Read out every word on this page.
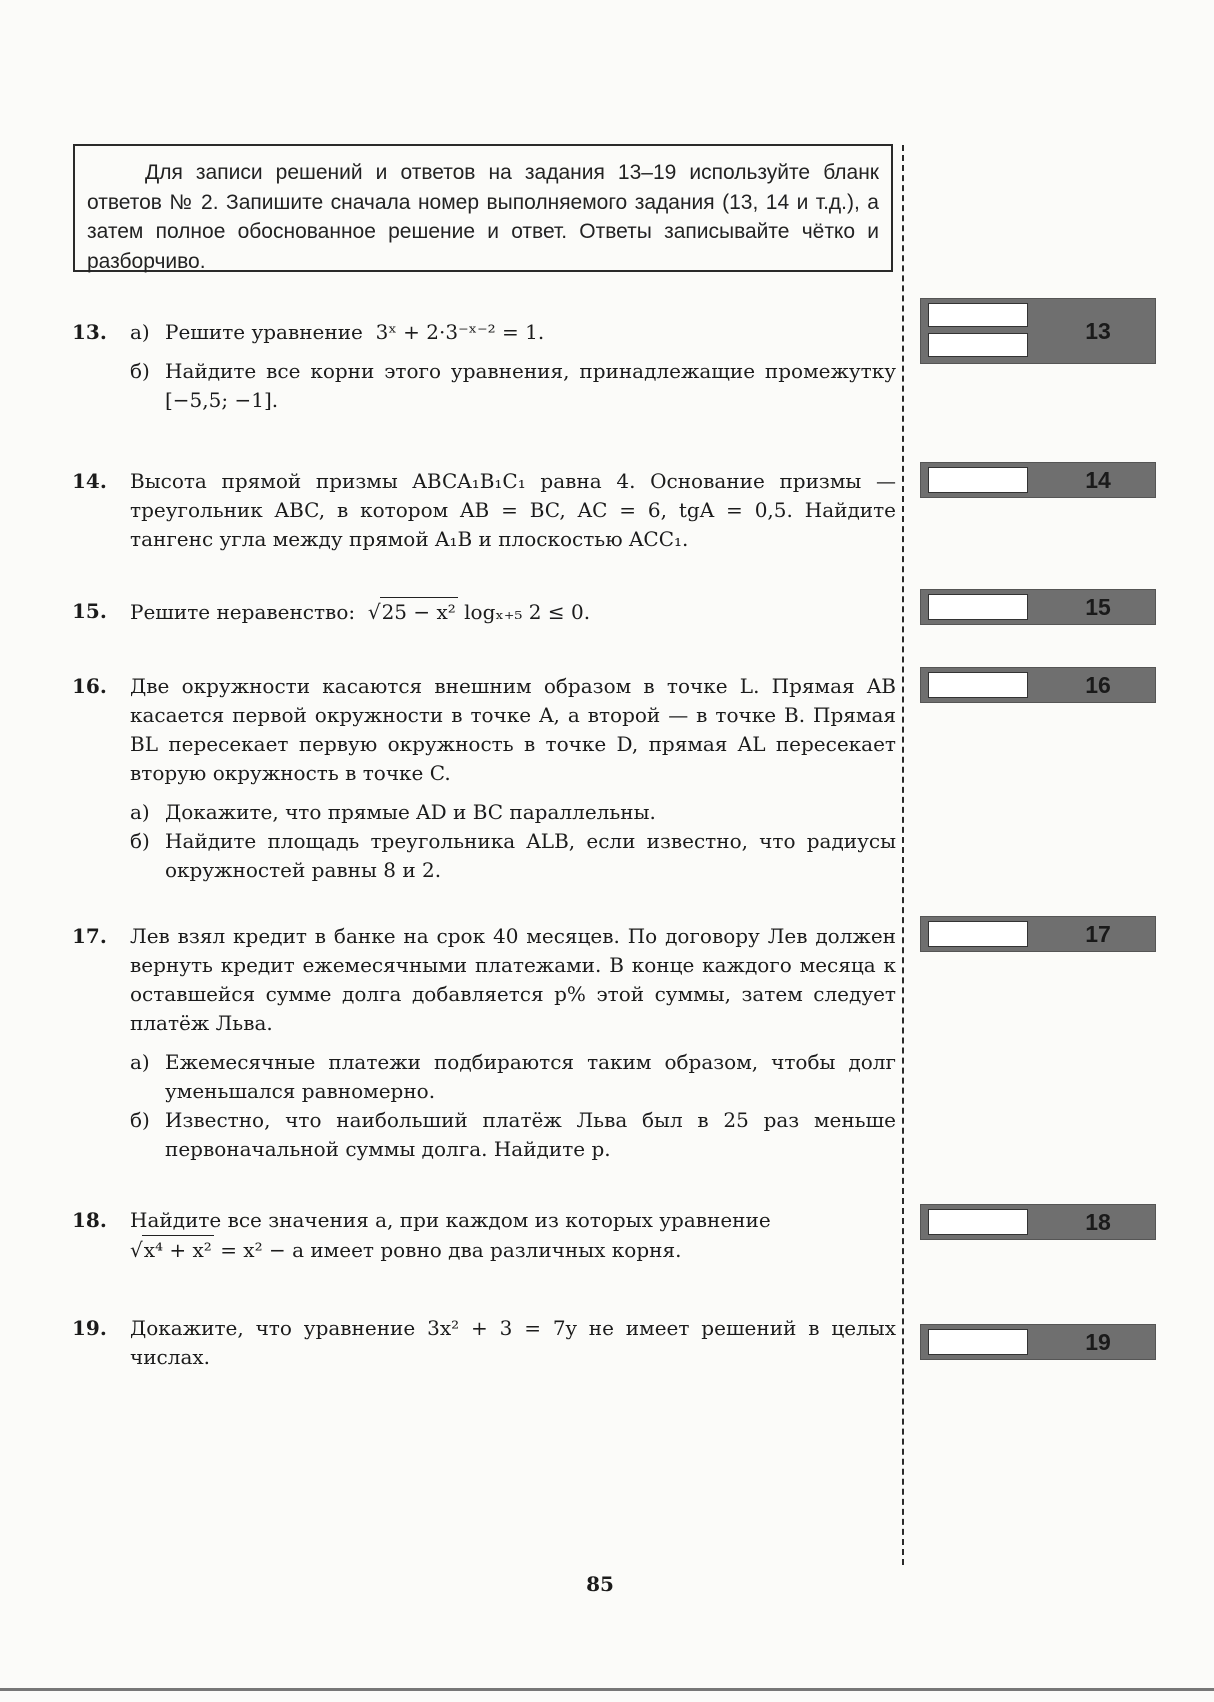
Для записи решений и ответов на задания 13–19 используйте бланк ответов № 2. Запишите сначала номер выполняемого задания (13, 14 и т.д.), а затем полное обоснованное решение и ответ. Ответы записывайте чётко и разборчиво.

13. а) Решите уравнение 3ˣ + 2·3⁻ˣ⁻² = 1.
б) Найдите все корни этого уравнения, принадлежащие промежутку [−5,5; −1].
14. Высота прямой призмы ABCA₁B₁C₁ равна 4. Основание призмы — треугольник ABC, в котором AB = BC, AC = 6, tgA = 0,5. Найдите тангенс угла между прямой A₁B и плоскостью ACC₁.

15. Решите неравенство: √25 − x² logₓ₊₅ 2 ≤ 0.
16. Две окружности касаются внешним образом в точке L. Прямая AB касается первой окружности в точке A, а второй — в точке B. Прямая BL пересекает первую окружность в точке D, прямая AL пересекает вторую окружность в точке C.

а) Докажите, что прямые AD и BC параллельны.
б) Найдите площадь треугольника ALB, если известно, что радиусы окружностей равны 8 и 2.
17. Лев взял кредит в банке на срок 40 месяцев. По договору Лев должен вернуть кредит ежемесячными платежами. В конце каждого месяца к оставшейся сумме долга добавляется p% этой суммы, затем следует платёж Льва.

а) Ежемесячные платежи подбираются таким образом, чтобы долг уменьшался равномерно.
б) Известно, что наибольший платёж Льва был в 25 раз меньше первоначальной суммы долга. Найдите p.
18. Найдите все значения a, при каждом из которых уравнение

√x⁴ + x² = x² − a имеет ровно два различных корня.

19. Докажите, что уравнение 3x² + 3 = 7y не имеет решений в целых числах.

13
14
15
16
17
18
19
85
